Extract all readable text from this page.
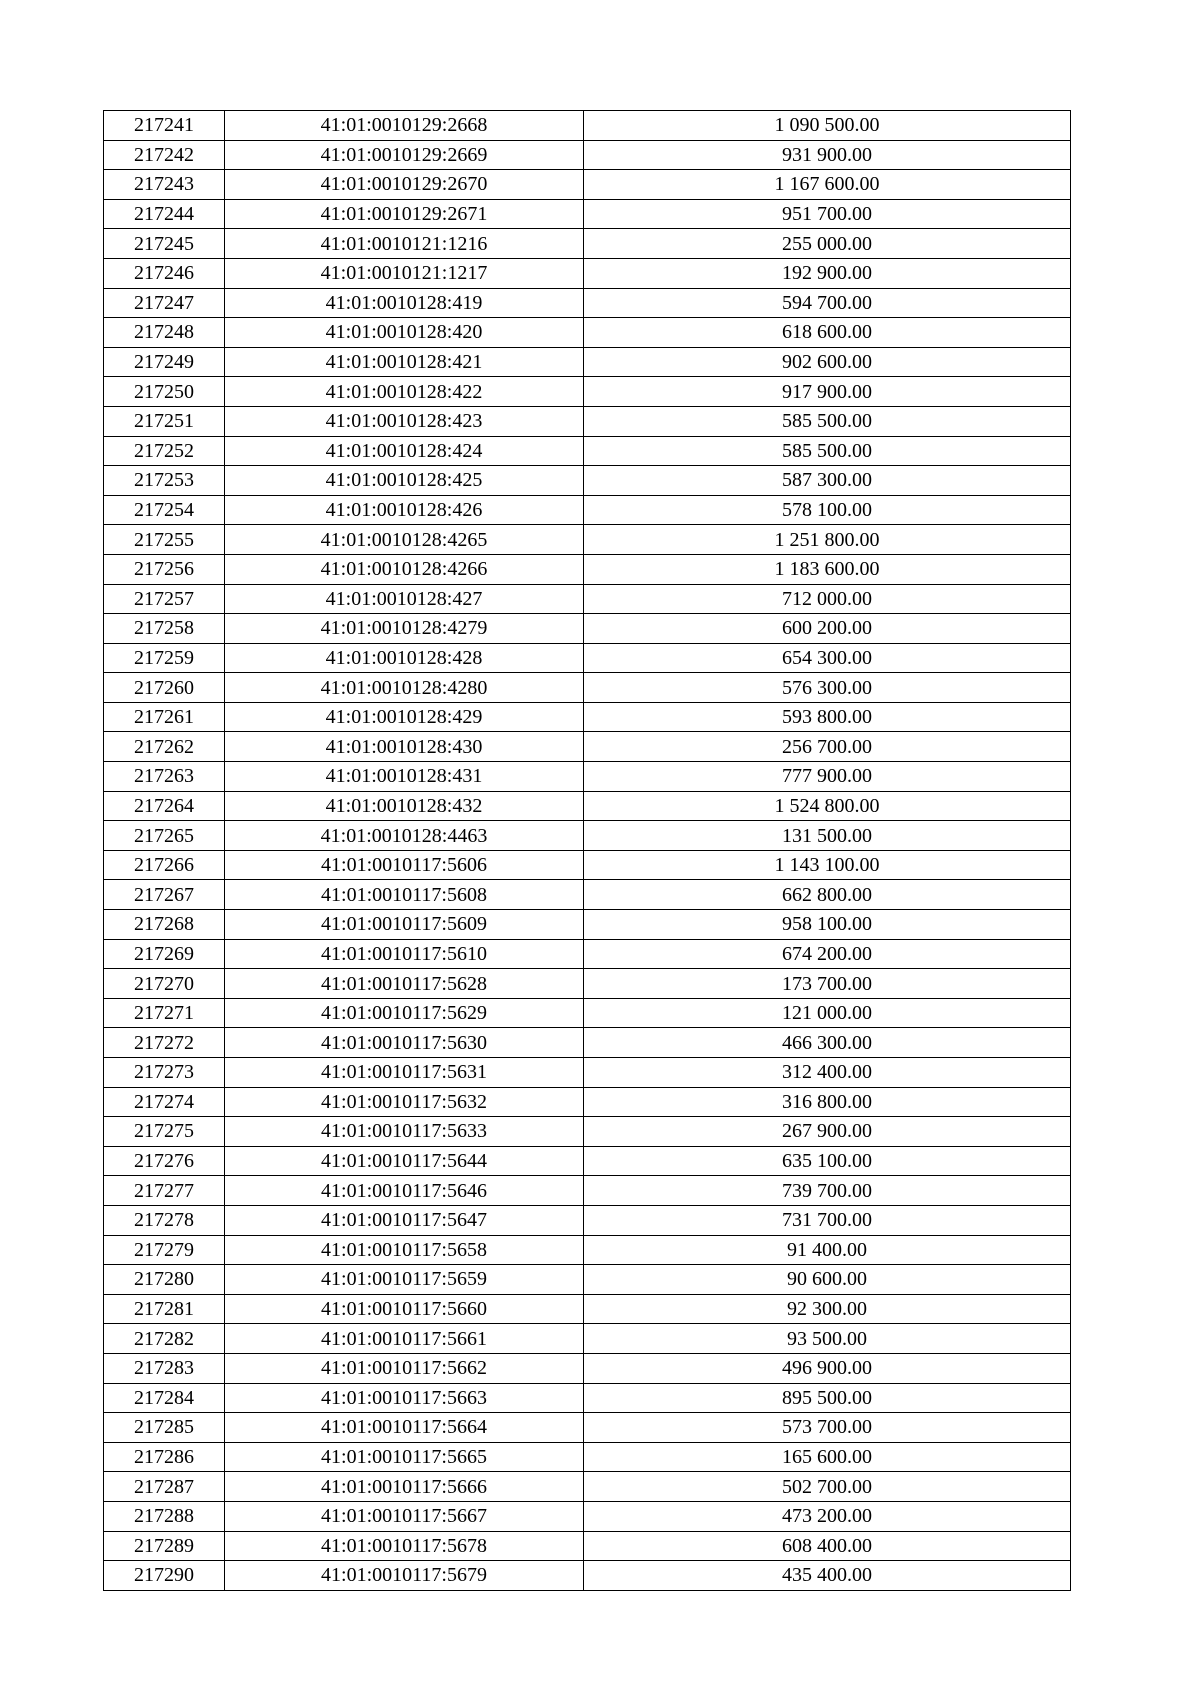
217241	41:01:0010129:2668	1 090 500.00
217242	41:01:0010129:2669	931 900.00
217243	41:01:0010129:2670	1 167 600.00
217244	41:01:0010129:2671	951 700.00
217245	41:01:0010121:1216	255 000.00
217246	41:01:0010121:1217	192 900.00
217247	41:01:0010128:419	594 700.00
217248	41:01:0010128:420	618 600.00
217249	41:01:0010128:421	902 600.00
217250	41:01:0010128:422	917 900.00
217251	41:01:0010128:423	585 500.00
217252	41:01:0010128:424	585 500.00
217253	41:01:0010128:425	587 300.00
217254	41:01:0010128:426	578 100.00
217255	41:01:0010128:4265	1 251 800.00
217256	41:01:0010128:4266	1 183 600.00
217257	41:01:0010128:427	712 000.00
217258	41:01:0010128:4279	600 200.00
217259	41:01:0010128:428	654 300.00
217260	41:01:0010128:4280	576 300.00
217261	41:01:0010128:429	593 800.00
217262	41:01:0010128:430	256 700.00
217263	41:01:0010128:431	777 900.00
217264	41:01:0010128:432	1 524 800.00
217265	41:01:0010128:4463	131 500.00
217266	41:01:0010117:5606	1 143 100.00
217267	41:01:0010117:5608	662 800.00
217268	41:01:0010117:5609	958 100.00
217269	41:01:0010117:5610	674 200.00
217270	41:01:0010117:5628	173 700.00
217271	41:01:0010117:5629	121 000.00
217272	41:01:0010117:5630	466 300.00
217273	41:01:0010117:5631	312 400.00
217274	41:01:0010117:5632	316 800.00
217275	41:01:0010117:5633	267 900.00
217276	41:01:0010117:5644	635 100.00
217277	41:01:0010117:5646	739 700.00
217278	41:01:0010117:5647	731 700.00
217279	41:01:0010117:5658	91 400.00
217280	41:01:0010117:5659	90 600.00
217281	41:01:0010117:5660	92 300.00
217282	41:01:0010117:5661	93 500.00
217283	41:01:0010117:5662	496 900.00
217284	41:01:0010117:5663	895 500.00
217285	41:01:0010117:5664	573 700.00
217286	41:01:0010117:5665	165 600.00
217287	41:01:0010117:5666	502 700.00
217288	41:01:0010117:5667	473 200.00
217289	41:01:0010117:5678	608 400.00
217290	41:01:0010117:5679	435 400.00
